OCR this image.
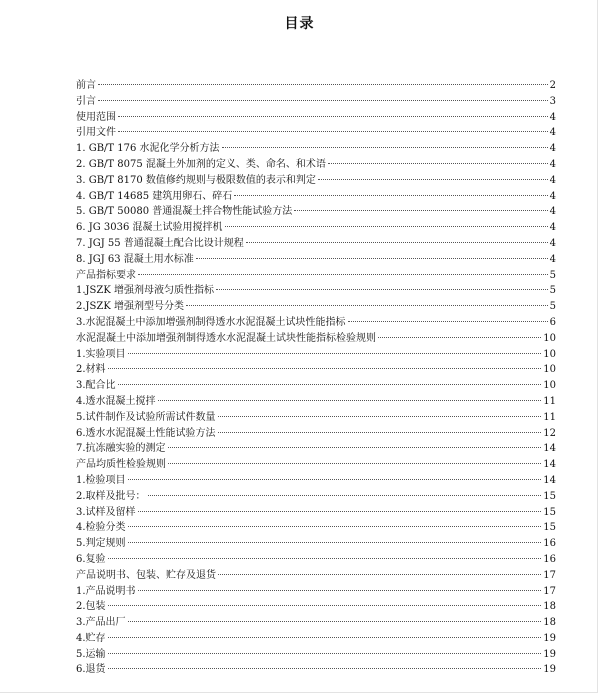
目录
前言	2
引言	3
使用范围	4
引用文件	4
1. GB/T 176 水泥化学分析方法	4
2. GB/T 8075 混凝土外加剂的定义、类、命名、和术语	4
3. GB/T 8170 数值修约规则与极限数值的表示和判定	4
4. GB/T 14685 建筑用卵石、碎石	4
5. GB/T 50080 普通混凝土拌合物性能试验方法	4
6. JG 3036 混凝土试验用搅拌机	4
7. JGJ 55 普通混凝土配合比设计规程	4
8. JGJ 63 混凝土用水标准	4
产品指标要求	5
1.JSZK 增强剂母液匀质性指标	5
2.JSZK 增强剂型号分类	5
3.水泥混凝土中添加增强剂制得透水水泥混凝土试块性能指标	6
水泥混凝土中添加增强剂制得透水水泥混凝土试块性能指标检验规则	10
1.实验项目	10
2.材料	10
3.配合比	10
4.透水混凝土搅拌	11
5.试件制作及试验所需试件数量	11
6.透水水泥混凝土性能试验方法	12
7.抗冻融实验的测定	14
产品均质性检验规则	14
1.检验项目	14
2.取样及批号：	15
3.试样及留样	15
4.检验分类	15
5.判定规则	16
6.复验	16
产品说明书、包装、贮存及退货	17
1.产品说明书	17
2.包装	18
3.产品出厂	18
4.贮存	19
5.运输	19
6.退货	19
